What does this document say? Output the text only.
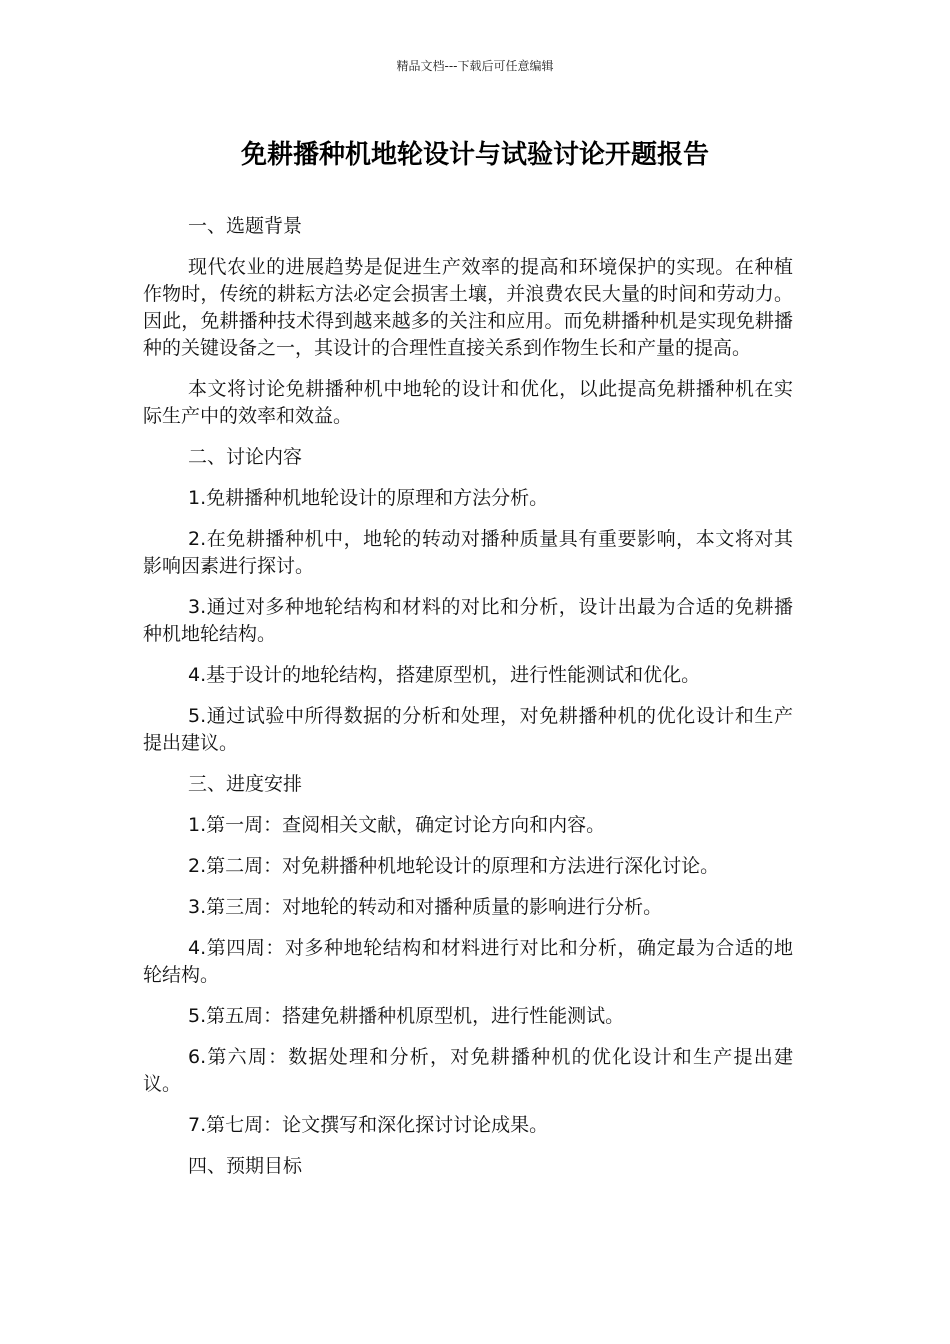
精品文档---下载后可任意编辑
免耕播种机地轮设计与试验讨论开题报告

一、选题背景

现代农业的进展趋势是促进生产效率的提高和环境保护的实现。在种植作物时，传统的耕耘方法必定会损害土壤，并浪费农民大量的时间和劳动力。因此，免耕播种技术得到越来越多的关注和应用。而免耕播种机是实现免耕播种的关键设备之一，其设计的合理性直接关系到作物生长和产量的提高。

本文将讨论免耕播种机中地轮的设计和优化，以此提高免耕播种机在实际生产中的效率和效益。

二、讨论内容

1.免耕播种机地轮设计的原理和方法分析。

2.在免耕播种机中，地轮的转动对播种质量具有重要影响，本文将对其影响因素进行探讨。

3.通过对多种地轮结构和材料的对比和分析，设计出最为合适的免耕播种机地轮结构。

4.基于设计的地轮结构，搭建原型机，进行性能测试和优化。

5.通过试验中所得数据的分析和处理，对免耕播种机的优化设计和生产提出建议。

三、进度安排

1.第一周：查阅相关文献，确定讨论方向和内容。

2.第二周：对免耕播种机地轮设计的原理和方法进行深化讨论。

3.第三周：对地轮的转动和对播种质量的影响进行分析。

4.第四周：对多种地轮结构和材料进行对比和分析，确定最为合适的地轮结构。

5.第五周：搭建免耕播种机原型机，进行性能测试。

6.第六周：数据处理和分析，对免耕播种机的优化设计和生产提出建议。

7.第七周：论文撰写和深化探讨讨论成果。

四、预期目标
